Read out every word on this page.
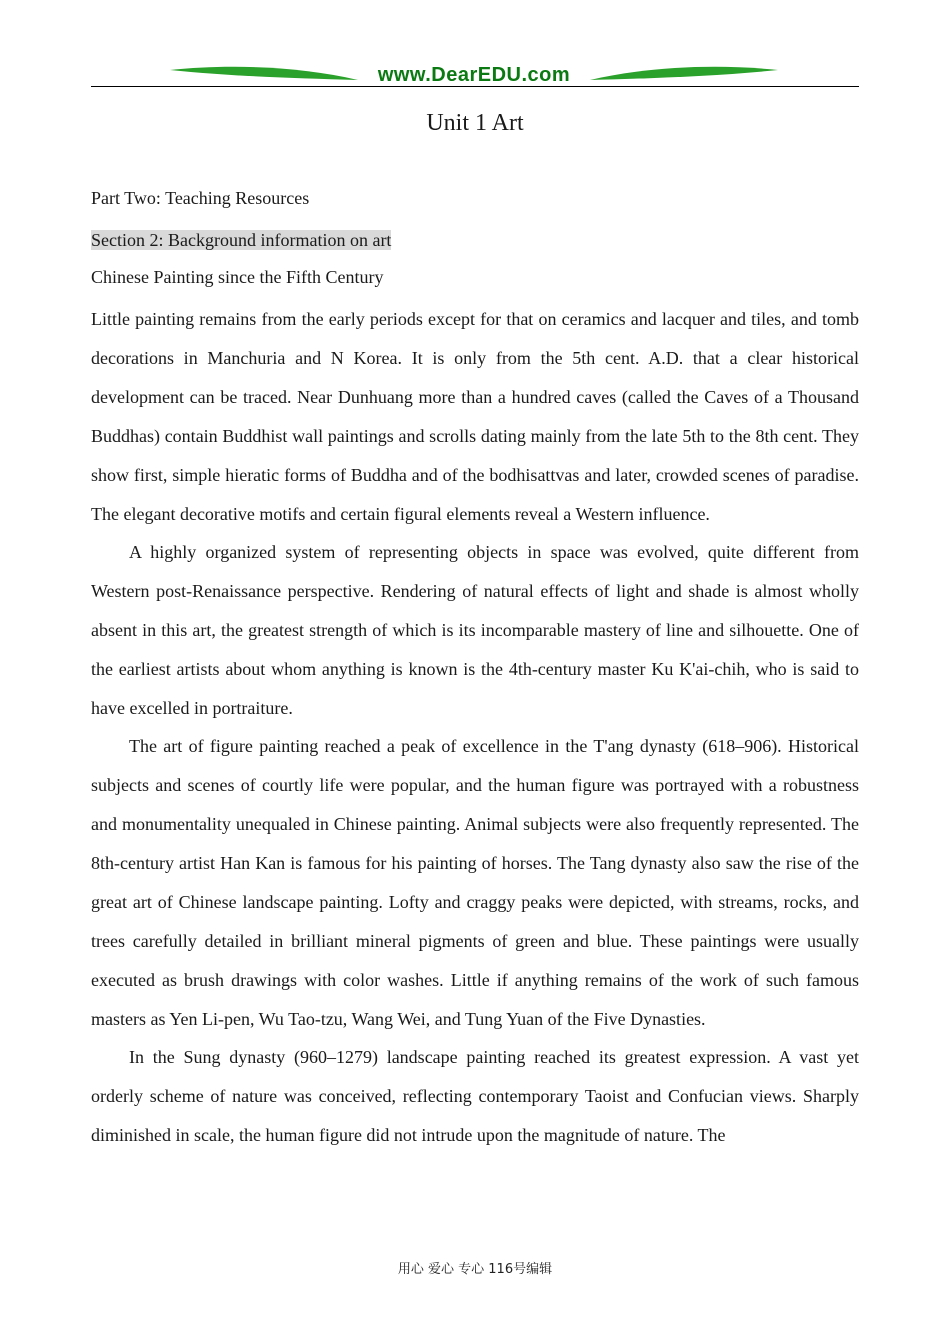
www.DearEDU.com
Unit 1 Art

Part Two: Teaching Resources

Section 2: Background information on art

Chinese Painting since the Fifth Century

Little painting remains from the early periods except for that on ceramics and lacquer and tiles, and tomb decorations in Manchuria and N Korea. It is only from the 5th cent. A.D. that a clear historical development can be traced. Near Dunhuang more than a hundred caves (called the Caves of a Thousand Buddhas) contain Buddhist wall paintings and scrolls dating mainly from the late 5th to the 8th cent. They show first, simple hieratic forms of Buddha and of the bodhisattvas and later, crowded scenes of paradise. The elegant decorative motifs and certain figural elements reveal a Western influence.

A highly organized system of representing objects in space was evolved, quite different from Western post-Renaissance perspective. Rendering of natural effects of light and shade is almost wholly absent in this art, the greatest strength of which is its incomparable mastery of line and silhouette. One of the earliest artists about whom anything is known is the 4th-century master Ku K'ai-chih, who is said to have excelled in portraiture.

The art of figure painting reached a peak of excellence in the T'ang dynasty (618–906). Historical subjects and scenes of courtly life were popular, and the human figure was portrayed with a robustness and monumentality unequaled in Chinese painting. Animal subjects were also frequently represented. The 8th-century artist Han Kan is famous for his painting of horses. The Tang dynasty also saw the rise of the great art of Chinese landscape painting. Lofty and craggy peaks were depicted, with streams, rocks, and trees carefully detailed in brilliant mineral pigments of green and blue. These paintings were usually executed as brush drawings with color washes. Little if anything remains of the work of such famous masters as Yen Li-pen, Wu Tao-tzu, Wang Wei, and Tung Yuan of the Five Dynasties.

In the Sung dynasty (960–1279) landscape painting reached its greatest expression. A vast yet orderly scheme of nature was conceived, reflecting contemporary Taoist and Confucian views. Sharply diminished in scale, the human figure did not intrude upon the magnitude of nature. The

用心 爱心 专心 116号编辑
